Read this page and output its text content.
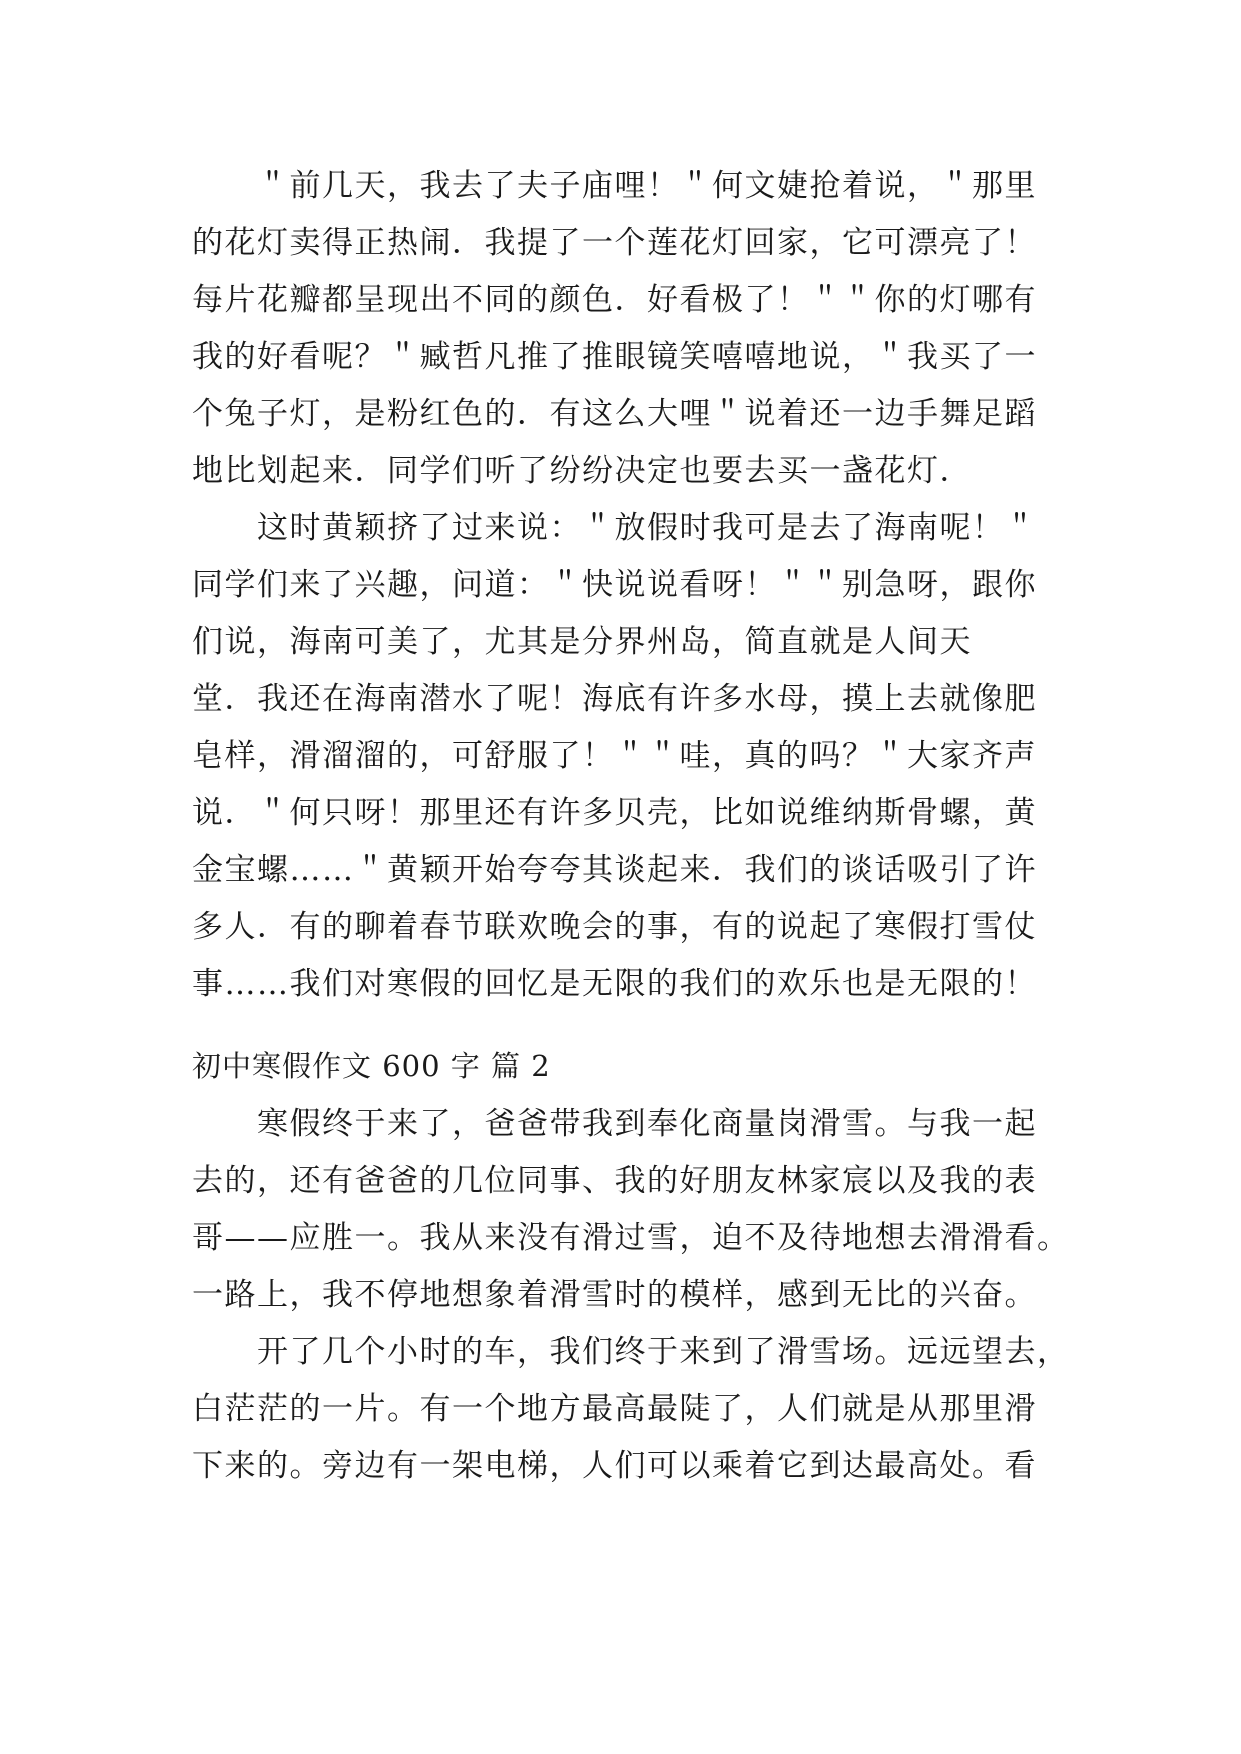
　　＂前几天，我去了夫子庙哩！＂何文婕抢着说，＂那里
的花灯卖得正热闹．我提了一个莲花灯回家，它可漂亮了！
每片花瓣都呈现出不同的颜色．好看极了！＂＂你的灯哪有
我的好看呢？＂臧哲凡推了推眼镜笑嘻嘻地说，＂我买了一
个兔子灯，是粉红色的．有这么大哩＂说着还一边手舞足蹈
地比划起来．同学们听了纷纷决定也要去买一盏花灯．
　　这时黄颖挤了过来说：＂放假时我可是去了海南呢！＂
同学们来了兴趣，问道：＂快说说看呀！＂＂别急呀，跟你
们说，海南可美了，尤其是分界州岛，简直就是人间天
堂．我还在海南潜水了呢！海底有许多水母，摸上去就像肥
皂样，滑溜溜的，可舒服了！＂＂哇，真的吗？＂大家齐声
说．＂何只呀！那里还有许多贝壳，比如说维纳斯骨螺，黄
金宝螺……＂黄颖开始夸夸其谈起来．我们的谈话吸引了许
多人．有的聊着春节联欢晚会的事，有的说起了寒假打雪仗
事……我们对寒假的回忆是无限的我们的欢乐也是无限的！
初中寒假作文 600 字 篇 2
　　寒假终于来了，爸爸带我到奉化商量岗滑雪。与我一起
去的，还有爸爸的几位同事、我的好朋友林家宸以及我的表
哥——应胜一。我从来没有滑过雪，迫不及待地想去滑滑看。
一路上，我不停地想象着滑雪时的模样，感到无比的兴奋。
　　开了几个小时的车，我们终于来到了滑雪场。远远望去，
白茫茫的一片。有一个地方最高最陡了，人们就是从那里滑
下来的。旁边有一架电梯，人们可以乘着它到达最高处。看
